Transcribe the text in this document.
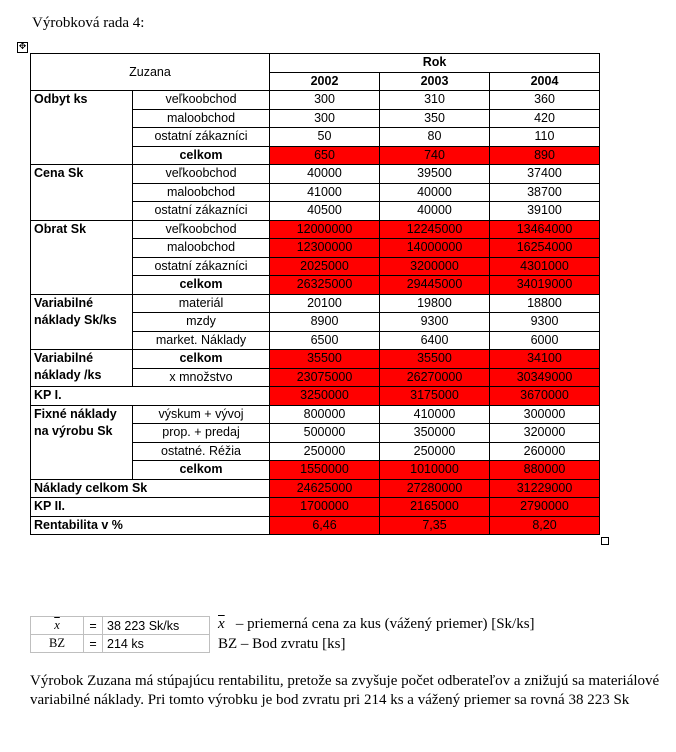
Výrobková rada 4:
✥
Zuzana		Rok		
		2002	2003	2004
Odbyt ks	veľkoobchod	300	310	360
	maloobchod	300	350	420
	ostatní zákazníci	50	80	110
	celkom	650	740	890
Cena Sk	veľkoobchod	40000	39500	37400
	maloobchod	41000	40000	38700
	ostatní zákazníci	40500	40000	39100
Obrat Sk	veľkoobchod	12000000	12245000	13464000
	maloobchod	12300000	14000000	16254000
	ostatní zákazníci	2025000	3200000	4301000
	celkom	26325000	29445000	34019000

Variabilné
náklady Sk/ks	materiál	20100	19800	18800
	mzdy	8900	9300	9300
	market. Náklady	6500	6400	6000

Variabilné
náklady /ks	celkom	35500	35500	34100
	x množstvo	23075000	26270000	30349000
KP I.		3250000	3175000	3670000

Fixné náklady
na výrobu Sk	výskum + vývoj	800000	410000	300000
	prop. + predaj	500000	350000	320000
	ostatné. Réžia	250000	250000	260000
	celkom	1550000	1010000	880000
Náklady celkom Sk		24625000	27280000	31229000
KP II.		1700000	2165000	2790000
Rentabilita v %		6,46	7,35	8,20
$\overline{x}$	=	38 223 Sk/ks
BZ	=	214 ks
$\overline{x}$ – priemerná cena za kus (vážený priemer) [Sk/ks]
BZ – Bod zvratu [ks]
Výrobok Zuzana má stúpajúcu rentabilitu, pretože sa zvyšuje počet odberateľov a znižujú sa materiálové variabilné náklady. Pri tomto výrobku je bod zvratu pri 214 ks a vážený priemer sa rovná 38 223 Sk
